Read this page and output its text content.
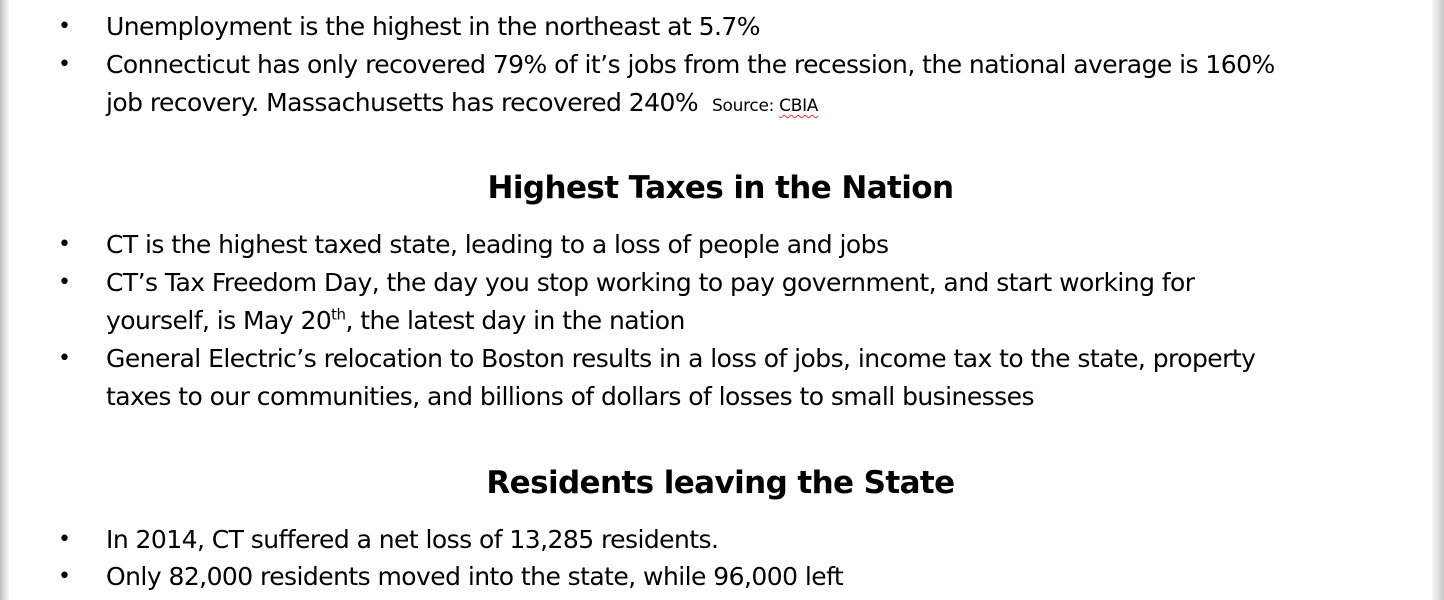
• Unemployment is the highest in the northeast at 5.7%
• Connecticut has only recovered 79% of it’s jobs from the recession, the national average is 160%
job recovery. Massachusetts has recovered 240% Source: CBIA
Highest Taxes in the Nation
• CT is the highest taxed state, leading to a loss of people and jobs
• CT’s Tax Freedom Day, the day you stop working to pay government, and start working for
yourself, is May 20th, the latest day in the nation
• General Electric’s relocation to Boston results in a loss of jobs, income tax to the state, property
taxes to our communities, and billions of dollars of losses to small businesses
Residents leaving the State
• In 2014, CT suffered a net loss of 13,285 residents.
• Only 82,000 residents moved into the state, while 96,000 left
